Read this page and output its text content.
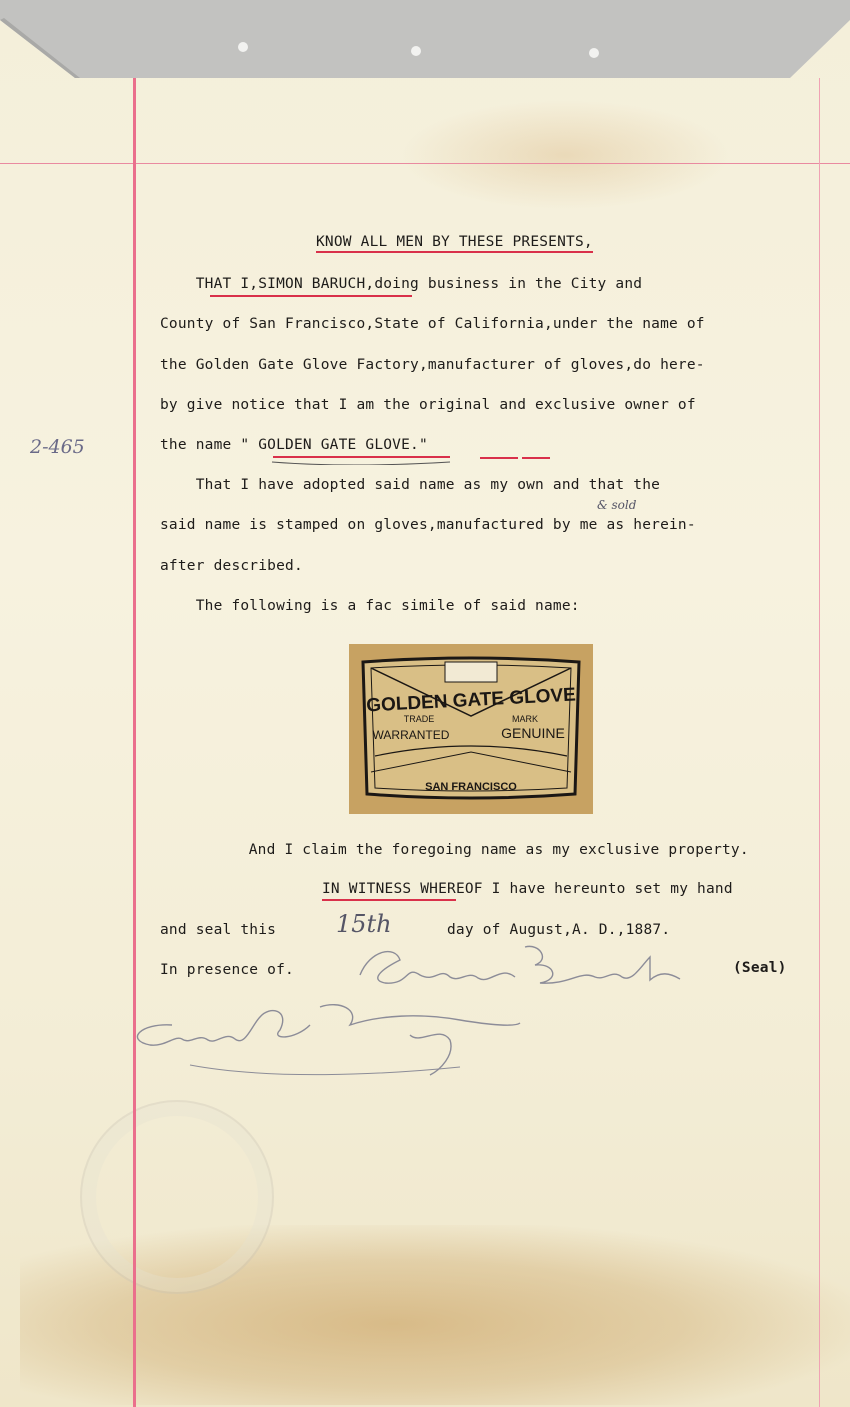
2-465
KNOW ALL MEN BY THESE PRESENTS,
THAT I,SIMON BARUCH,doing business in the City and
County of San Francisco,State of California,under the name of
the Golden Gate Glove Factory,manufacturer of gloves,do here-
by give notice that I am the original and exclusive owner of
the name " GOLDEN GATE GLOVE."
That I have adopted said name as my own and that the
said name is stamped on gloves,manufactured by me as herein-
& sold
after described.
The following is a fac simile of said name:
GOLDEN GATE GLOVE
TRADE	MARK
WARRANTED	GENUINE
SAN FRANCISCO
And I claim the foregoing name as my exclusive property.
IN WITNESS WHEREOF I have hereunto set my hand
and seal this 15th	day of August,A. D.,1887.
In presence of.	(Seal)
